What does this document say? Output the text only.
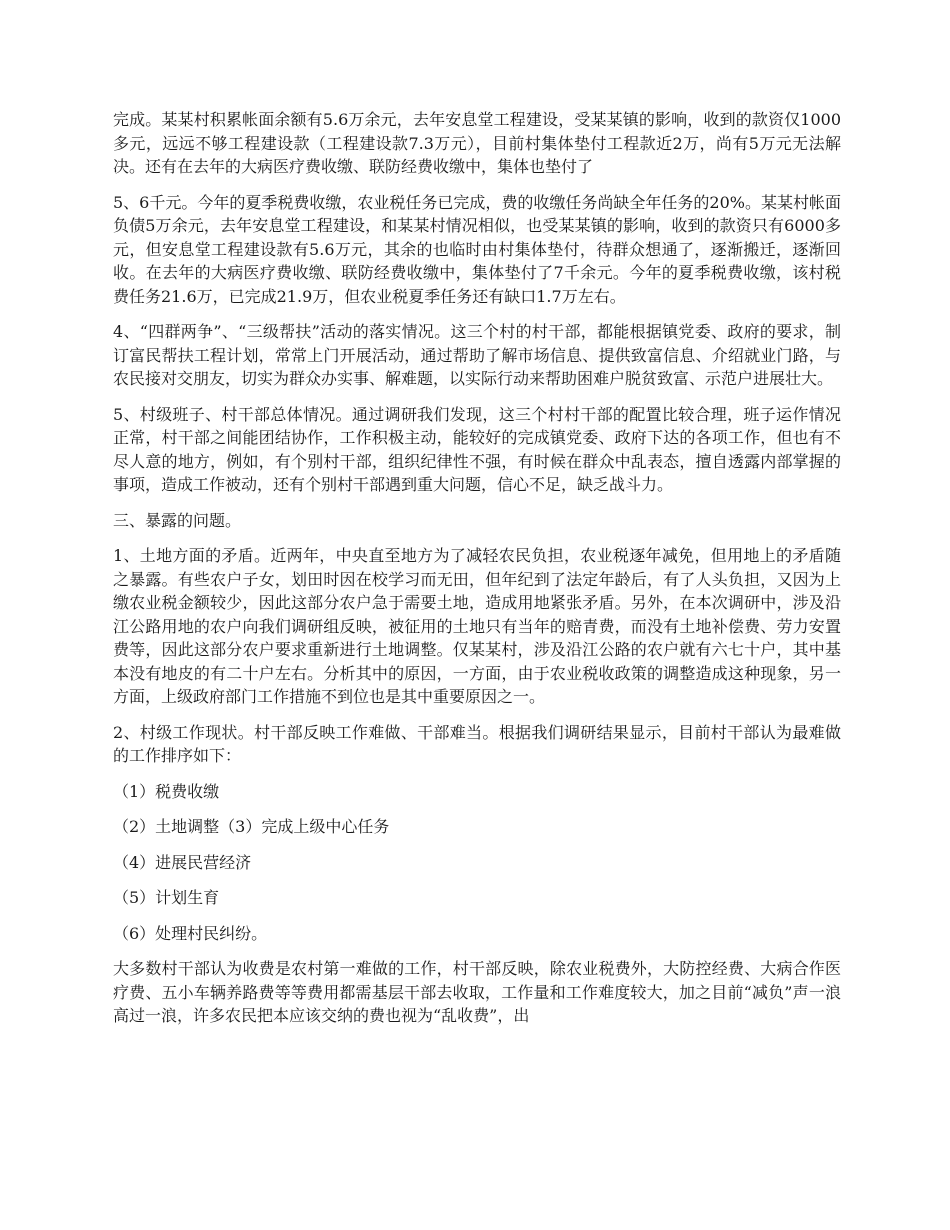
完成。某某村积累帐面余额有5.6万余元，去年安息堂工程建设，受某某镇的影响，收到的款资仅1000多元，远远不够工程建设款（工程建设款7.3万元），目前村集体垫付工程款近2万，尚有5万元无法解决。还有在去年的大病医疗费收缴、联防经费收缴中，集体也垫付了

5、6千元。今年的夏季税费收缴，农业税任务已完成，费的收缴任务尚缺全年任务的20%。某某村帐面负债5万余元，去年安息堂工程建设，和某某村情况相似，也受某某镇的影响，收到的款资只有6000多元，但安息堂工程建设款有5.6万元，其余的也临时由村集体垫付，待群众想通了，逐渐搬迁，逐渐回收。在去年的大病医疗费收缴、联防经费收缴中，集体垫付了7千余元。今年的夏季税费收缴，该村税费任务21.6万，已完成21.9万，但农业税夏季任务还有缺口1.7万左右。

4、“四群两争”、“三级帮扶”活动的落实情况。这三个村的村干部，都能根据镇党委、政府的要求，制订富民帮扶工程计划，常常上门开展活动，通过帮助了解市场信息、提供致富信息、介绍就业门路，与农民接对交朋友，切实为群众办实事、解难题，以实际行动来帮助困难户脱贫致富、示范户进展壮大。

5、村级班子、村干部总体情况。通过调研我们发现，这三个村村干部的配置比较合理，班子运作情况正常，村干部之间能团结协作，工作积极主动，能较好的完成镇党委、政府下达的各项工作，但也有不尽人意的地方，例如，有个别村干部，组织纪律性不强，有时候在群众中乱表态，擅自透露内部掌握的事项，造成工作被动，还有个别村干部遇到重大问题，信心不足，缺乏战斗力。

三、暴露的问题。

1、土地方面的矛盾。近两年，中央直至地方为了减轻农民负担，农业税逐年减免，但用地上的矛盾随之暴露。有些农户子女，划田时因在校学习而无田，但年纪到了法定年龄后，有了人头负担，又因为上缴农业税金额较少，因此这部分农户急于需要土地，造成用地紧张矛盾。另外，在本次调研中，涉及沿江公路用地的农户向我们调研组反映，被征用的土地只有当年的赔青费，而没有土地补偿费、劳力安置费等，因此这部分农户要求重新进行土地调整。仅某某村，涉及沿江公路的农户就有六七十户，其中基本没有地皮的有二十户左右。分析其中的原因，一方面，由于农业税收政策的调整造成这种现象，另一方面，上级政府部门工作措施不到位也是其中重要原因之一。

2、村级工作现状。村干部反映工作难做、干部难当。根据我们调研结果显示，目前村干部认为最难做的工作排序如下：

（1）税费收缴

（2）土地调整（3）完成上级中心任务

（4）进展民营经济

（5）计划生育

（6）处理村民纠纷。

大多数村干部认为收费是农村第一难做的工作，村干部反映，除农业税费外，大防控经费、大病合作医疗费、五小车辆养路费等等费用都需基层干部去收取，工作量和工作难度较大，加之目前“减负”声一浪高过一浪，许多农民把本应该交纳的费也视为“乱收费”，出
